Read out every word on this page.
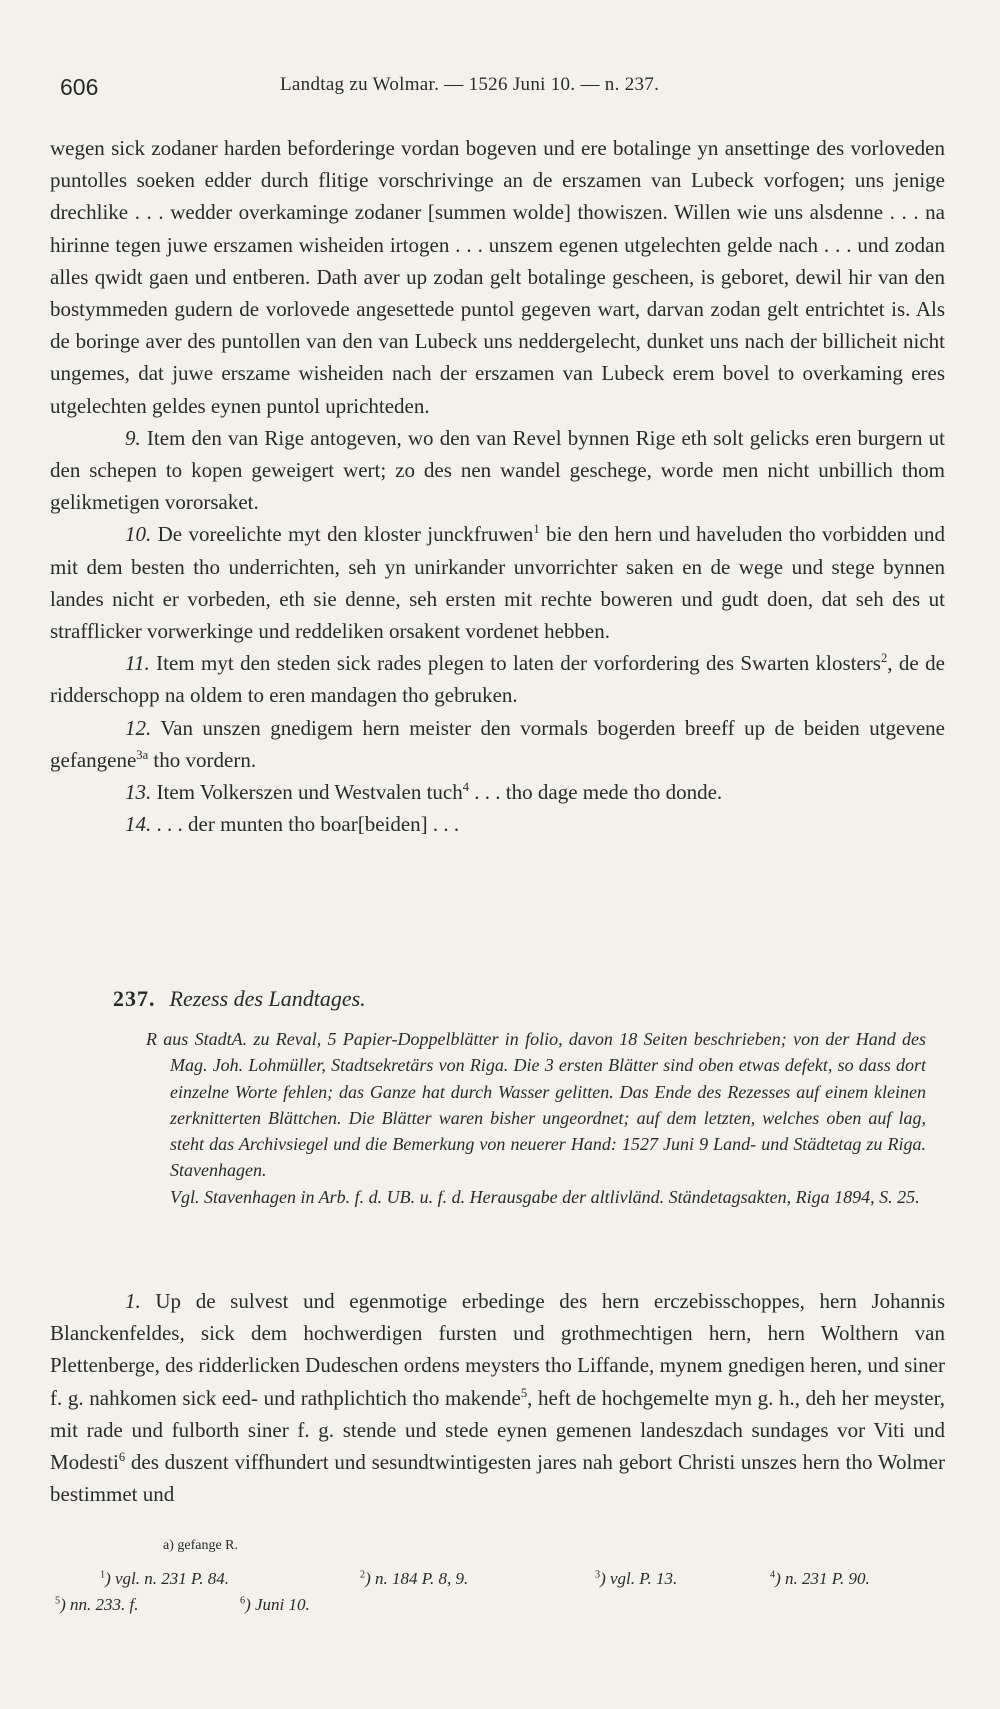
606	Landtag zu Wolmar. — 1526 Juni 10. — n. 237.

wegen sick zodaner harden beforderinge vordan bogeven und ere botalinge yn ansettinge des vorloveden puntolles soeken edder durch flitige vorschrivinge an de erszamen van Lubeck vorfogen; uns jenige drechlike . . . wedder overkaminge zodaner [summen wolde] thowiszen. Willen wie uns alsdenne . . . na hirinne tegen juwe erszamen wisheiden irtogen . . . unszem egenen utgelechten gelde nach . . . und zodan alles qwidt gaen und entberen. Dath aver up zodan gelt botalinge gescheen, is geboret, dewil hir van den bostymmeden gudern de vorlovede angesettede puntol gegeven wart, darvan zodan gelt entrichtet is. Als de boringe aver des puntollen van den van Lubeck uns neddergelecht, dunket uns nach der billicheit nicht ungemes, dat juwe erszame wisheiden nach der erszamen van Lubeck erem bovel to overkaming eres utgelechten geldes eynen puntol uprichteden.

9. Item den van Rige antogeven, wo den van Revel bynnen Rige eth solt gelicks eren burgern ut den schepen to kopen geweigert wert; zo des nen wandel geschege, worde men nicht unbillich thom gelikmetigen vororsaket.

10. De voreelichte myt den kloster junckfruwen$^1$ bie den hern und haveluden tho vorbidden und mit dem besten tho underrichten, seh yn unirkander unvorrichter saken en de wege und stege bynnen landes nicht er vorbeden, eth sie denne, seh ersten mit rechte boweren und gudt doen, dat seh des ut strafflicker vorwerkinge und reddeliken orsakent vordenet hebben.

11. Item myt den steden sick rades plegen to laten der vorfordering des Swarten klosters$^2$, de de ridderschopp na oldem to eren mandagen tho gebruken.

12. Van unszen gnedigem hern meister den vormals bogerden breeff up de beiden utgevene gefangene$^{3a}$ tho vordern.

13. Item Volkerszen und Westvalen tuch$^4$ . . . tho dage mede tho donde.

14. . . . der munten tho boar[beiden] . . .

237. Rezess des Landtages.

R aus StadtA. zu Reval, 5 Papier-Doppelblätter in folio, davon 18 Seiten beschrieben; von der Hand des Mag. Joh. Lohmüller, Stadtsekretärs von Riga. Die 3 ersten Blätter sind oben etwas defekt, so dass dort einzelne Worte fehlen; das Ganze hat durch Wasser gelitten. Das Ende des Rezesses auf einem kleinen zerknitterten Blättchen. Die Blätter waren bisher ungeordnet; auf dem letzten, welches oben auf lag, steht das Archivsiegel und die Bemerkung von neuerer Hand: 1527 Juni 9 Land- und Städtetag zu Riga. Stavenhagen.

Vgl. Stavenhagen in Arb. f. d. UB. u. f. d. Herausgabe der altlivländ. Ständetagsakten, Riga 1894, S. 25.

1. Up de sulvest und egenmotige erbedinge des hern erczebisschoppes, hern Johannis Blanckenfeldes, sick dem hochwerdigen fursten und grothmechtigen hern, hern Wolthern van Plettenberge, des ridderlicken Dudeschen ordens meysters tho Liffande, mynem gnedigen heren, und siner f. g. nahkomen sick eed- und rathplichtich tho makende$^5$, heft de hochgemelte myn g. h., deh her meyster, mit rade und fulborth siner f. g. stende und stede eynen gemenen landeszdach sundages vor Viti und Modesti$^6$ des duszent viffhundert und sesundtwintigesten jares nah gebort Christi unszes hern tho Wolmer bestimmet und

a) gefange R.
$^1$) vgl. n. 231 P. 84.	$^2$) n. 184 P. 8, 9.	$^3$) vgl. P. 13.	$^4$) n. 231 P. 90.
$^5$) nn. 233. f.	$^6$) Juni 10.
